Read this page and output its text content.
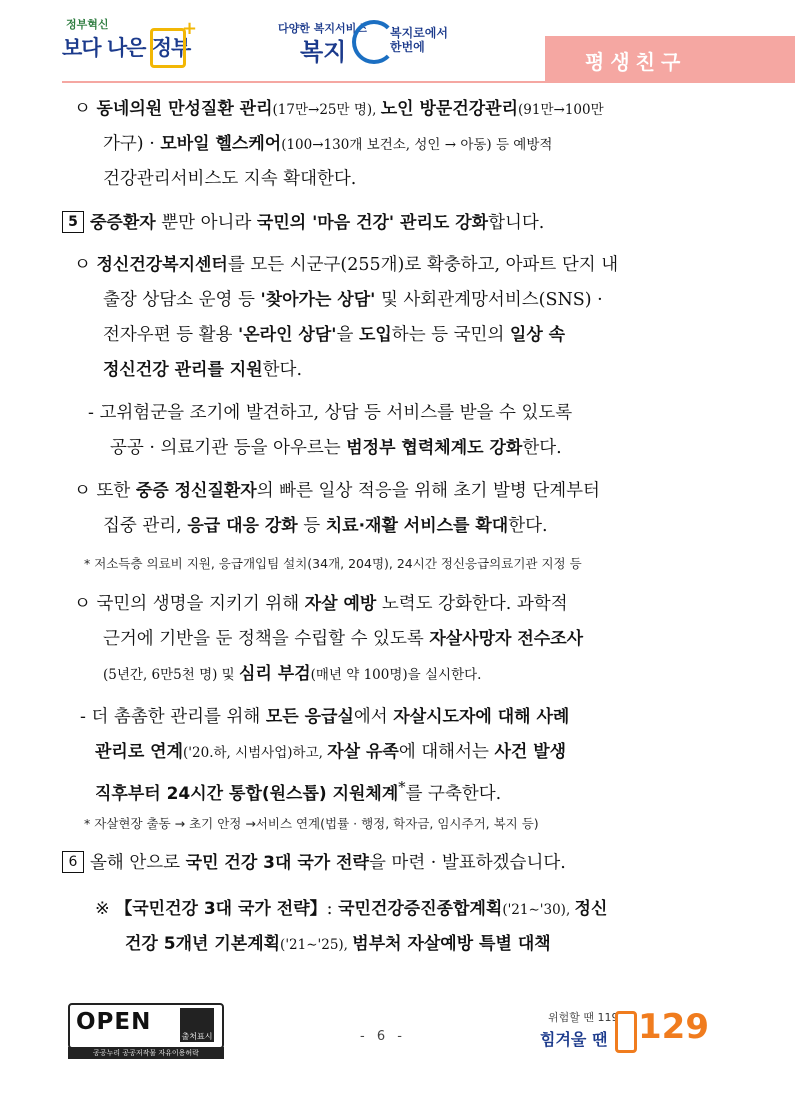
정부혁신
보다 나은 정부
+	다양한 복지서비스
복지
복지로에서 한번에
평생친구
ㅇ 동네의원 만성질환 관리(17만→25만 명), 노인 방문건강관리(91만→100만
가구) · 모바일 헬스케어(100→130개 보건소, 성인 → 아동) 등 예방적
건강관리서비스도 지속 확대한다.
5 중증환자 뿐만 아니라 국민의 '마음 건강' 관리도 강화합니다.
ㅇ 정신건강복지센터를 모든 시군구(255개)로 확충하고, 아파트 단지 내
출장 상담소 운영 등 '찾아가는 상담' 및 사회관계망서비스(SNS) ·
전자우편 등 활용 '온라인 상담'을 도입하는 등 국민의 일상 속
정신건강 관리를 지원한다.
- 고위험군을 조기에 발견하고, 상담 등 서비스를 받을 수 있도록
공공 · 의료기관 등을 아우르는 범정부 협력체계도 강화한다.
ㅇ 또한 중증 정신질환자의 빠른 일상 적응을 위해 초기 발병 단계부터
집중 관리, 응급 대응 강화 등 치료·재활 서비스를 확대한다.
* 저소득층 의료비 지원, 응급개입팀 설치(34개, 204명), 24시간 정신응급의료기관 지정 등
ㅇ 국민의 생명을 지키기 위해 자살 예방 노력도 강화한다. 과학적
근거에 기반을 둔 정책을 수립할 수 있도록 자살사망자 전수조사
(5년간, 6만5천 명) 및 심리 부검(매년 약 100명)을 실시한다.
- 더 촘촘한 관리를 위해 모든 응급실에서 자살시도자에 대해 사례
관리로 연계('20.하, 시범사업)하고, 자살 유족에 대해서는 사건 발생
직후부터 24시간 통합(원스톱) 지원체계*를 구축한다.
* 자살현장 출동 → 초기 안정 →서비스 연계(법률 · 행정, 학자금, 임시주거, 복지 등)
6 올해 안으로 국민 건강 3대 국가 전략을 마련 · 발표하겠습니다.
※ 【국민건강 3대 국가 전략】: 국민건강증진종합계획('21∼'30), 정신
건강 5개년 기본계획('21∼'25), 범부처 자살예방 특별 대책
OPEN
출처표시
공공누리 공공저작물 자유이용허락
- 6 -
위험할 땐 119
힘겨울 땐 129
